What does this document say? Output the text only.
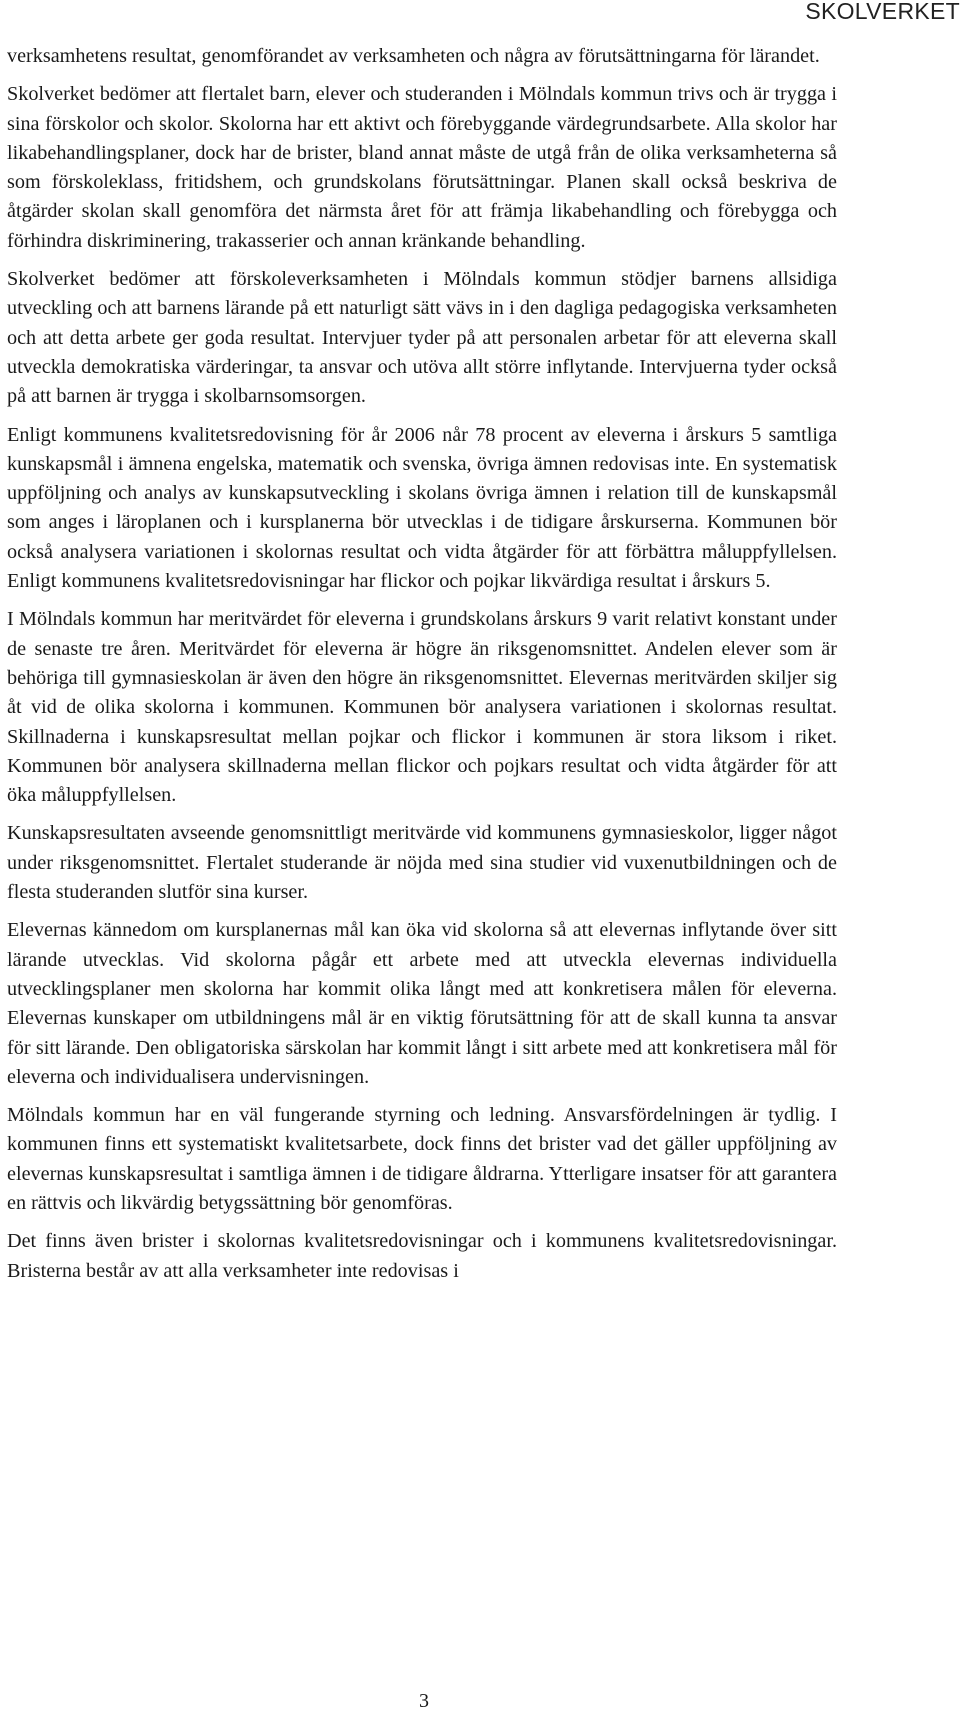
SKOLVERKET

verksamhetens resultat, genomförandet av verksamheten och några av förutsättningarna för lärandet.

Skolverket bedömer att flertalet barn, elever och studeranden i Mölndals kommun trivs och är trygga i sina förskolor och skolor. Skolorna har ett aktivt och förebyggande värdegrundsarbete. Alla skolor har likabehandlingsplaner, dock har de brister, bland annat måste de utgå från de olika verksamheterna så som förskoleklass, fritidshem, och grundskolans förutsättningar. Planen skall också beskriva de åtgärder skolan skall genomföra det närmsta året för att främja likabehandling och förebygga och förhindra diskriminering, trakasserier och annan kränkande behandling.

Skolverket bedömer att förskoleverksamheten i Mölndals kommun stödjer barnens allsidiga utveckling och att barnens lärande på ett naturligt sätt vävs in i den dagliga pedagogiska verksamheten och att detta arbete ger goda resultat. Intervjuer tyder på att personalen arbetar för att eleverna skall utveckla demokratiska värderingar, ta ansvar och utöva allt större inflytande. Intervjuerna tyder också på att barnen är trygga i skolbarnsomsorgen.

Enligt kommunens kvalitetsredovisning för år 2006 når 78 procent av eleverna i årskurs 5 samtliga kunskapsmål i ämnena engelska, matematik och svenska, övriga ämnen redovisas inte. En systematisk uppföljning och analys av kunskapsutveckling i skolans övriga ämnen i relation till de kunskapsmål som anges i läroplanen och i kursplanerna bör utvecklas i de tidigare årskurserna. Kommunen bör också analysera variationen i skolornas resultat och vidta åtgärder för att förbättra måluppfyllelsen. Enligt kommunens kvalitetsredovisningar har flickor och pojkar likvärdiga resultat i årskurs 5.

I Mölndals kommun har meritvärdet för eleverna i grundskolans årskurs 9 varit relativt konstant under de senaste tre åren. Meritvärdet för eleverna är högre än riksgenomsnittet. Andelen elever som är behöriga till gymnasieskolan är även den högre än riksgenomsnittet. Elevernas meritvärden skiljer sig åt vid de olika skolorna i kommunen. Kommunen bör analysera variationen i skolornas resultat. Skillnaderna i kunskapsresultat mellan pojkar och flickor i kommunen är stora liksom i riket. Kommunen bör analysera skillnaderna mellan flickor och pojkars resultat och vidta åtgärder för att öka måluppfyllelsen.

Kunskapsresultaten avseende genomsnittligt meritvärde vid kommunens gymnasieskolor, ligger något under riksgenomsnittet. Flertalet studerande är nöjda med sina studier vid vuxenutbildningen och de flesta studeranden slutför sina kurser.

Elevernas kännedom om kursplanernas mål kan öka vid skolorna så att elevernas inflytande över sitt lärande utvecklas. Vid skolorna pågår ett arbete med att utveckla elevernas individuella utvecklingsplaner men skolorna har kommit olika långt med att konkretisera målen för eleverna. Elevernas kunskaper om utbildningens mål är en viktig förutsättning för att de skall kunna ta ansvar för sitt lärande. Den obligatoriska särskolan har kommit långt i sitt arbete med att konkretisera mål för eleverna och individualisera undervisningen.

Mölndals kommun har en väl fungerande styrning och ledning. Ansvarsfördelningen är tydlig. I kommunen finns ett systematiskt kvalitetsarbete, dock finns det brister vad det gäller uppföljning av elevernas kunskapsresultat i samtliga ämnen i de tidigare åldrarna. Ytterligare insatser för att garantera en rättvis och likvärdig betygssättning bör genomföras.

Det finns även brister i skolornas kvalitetsredovisningar och i kommunens kvalitetsredovisningar. Bristerna består av att alla verksamheter inte redovisas i

3
